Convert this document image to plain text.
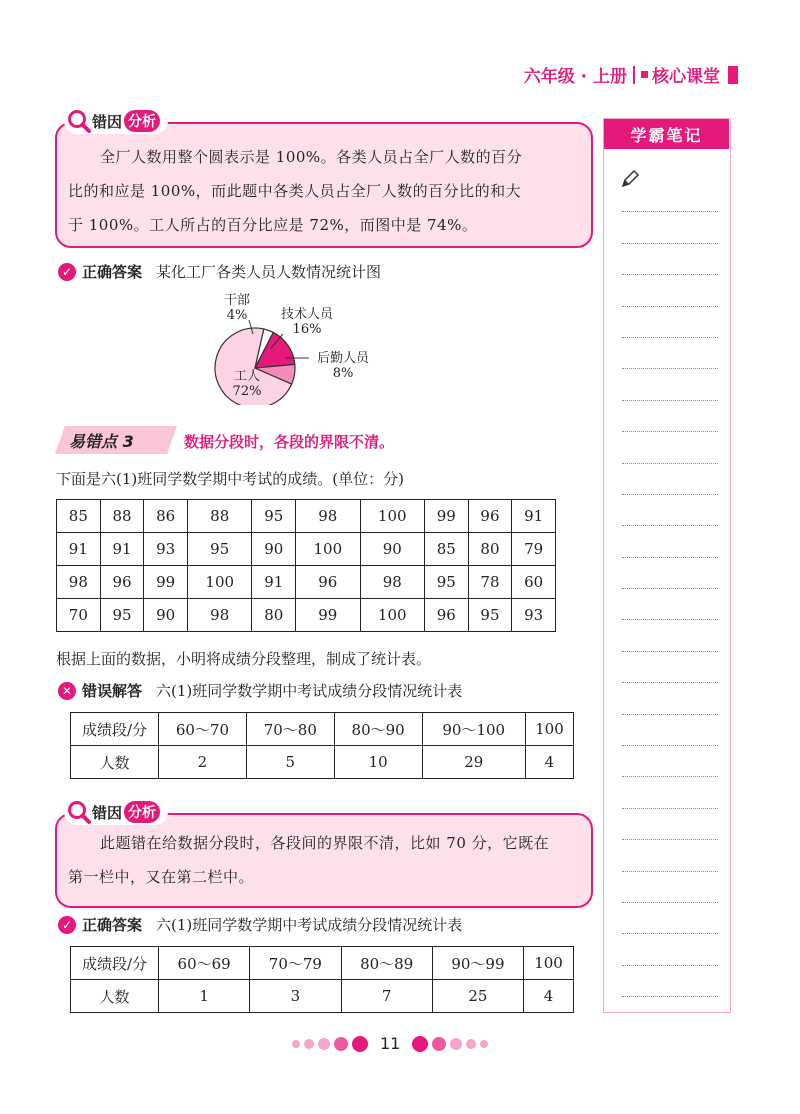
六年级 · 上册 核心课堂
学霸笔记
错因 分析
全厂人数用整个圆表示是 100%。各类人员占全厂人数的百分
比的和应是 100%，而此题中各类人员占全厂人数的百分比的和大
于 100%。工人所占的百分比应是 72%，而图中是 74%。
✓ 正确答案 某化工厂各类人员人数情况统计图
工人
72%
干部
4%	技术人员
16%
后勤人员
8%
易错点 3	数据分段时，各段的界限不清。
下面是六(1)班同学数学期中考试的成绩。(单位：分)
85	88	86	88	95	98	100	99	96	91
91	91	93	95	90	100	90	85	80	79
98	96	99	100	91	96	98	95	78	60
70	95	90	98	80	99	100	96	95	93
根据上面的数据，小明将成绩分段整理，制成了统计表。
✕ 错误解答 六(1)班同学数学期中考试成绩分段情况统计表
成绩段/分	60～70	70～80	80～90	90～100	100
人数	2	5	10	29	4
错因 分析
此题错在给数据分段时，各段间的界限不清，比如 70 分，它既在
第一栏中，又在第二栏中。
✓ 正确答案 六(1)班同学数学期中考试成绩分段情况统计表
成绩段/分	60～69	70～79	80～89	90～99	100
人数	1	3	7	25	4
11
